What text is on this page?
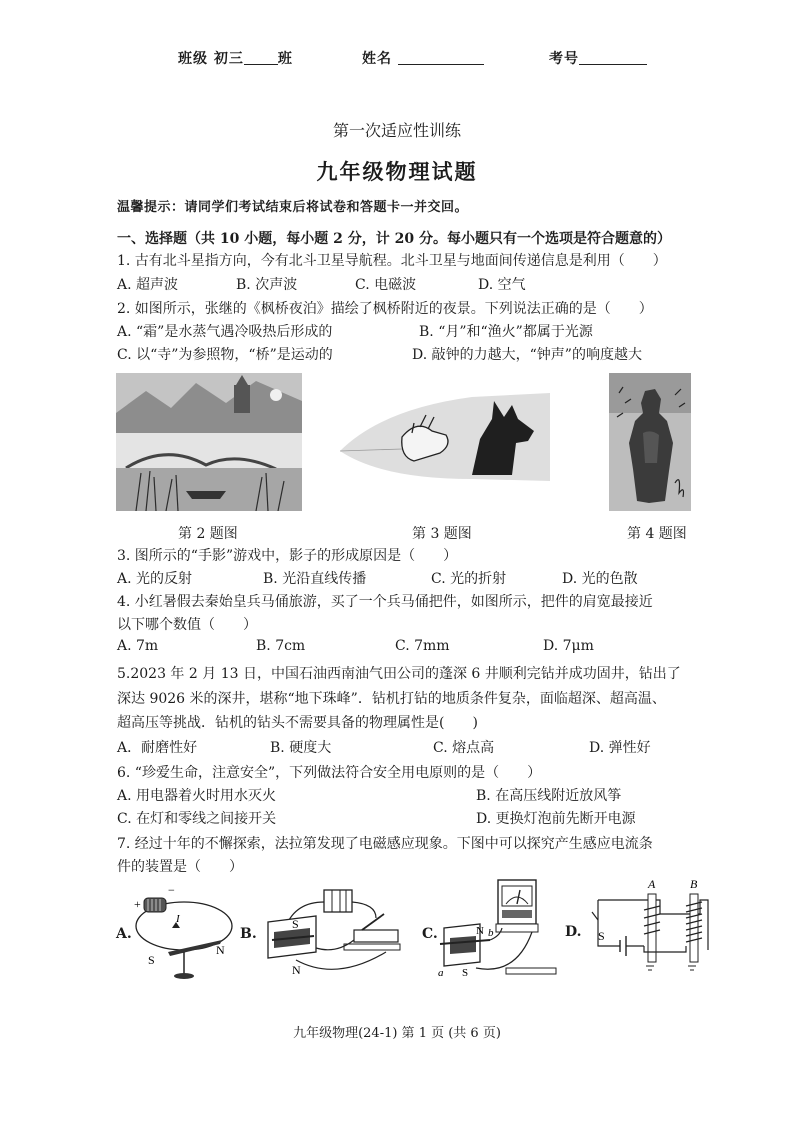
班级 初三 班	姓名	考号
第一次适应性训练
九年级物理试题
温馨提示：请同学们考试结束后将试卷和答题卡一并交回。
一、选择题（共 10 小题，每小题 2 分，计 20 分。每小题只有一个选项是符合题意的）
1. 古有北斗星指方向，今有北斗卫星导航程。北斗卫星与地面间传递信息是利用（　　）
A. 超声波	B. 次声波	C. 电磁波	D. 空气
2. 如图所示，张继的《枫桥夜泊》描绘了枫桥附近的夜景。下列说法正确的是（　　）
A. “霜”是水蒸气遇冷吸热后形成的	B. “月”和“渔火”都属于光源
C. 以“寺”为参照物，“桥”是运动的	D. 敲钟的力越大，“钟声”的响度越大
第 2 题图	第 3 题图	第 4 题图
3. 图所示的“手影”游戏中，影子的形成原因是（　　）
A. 光的反射	B. 光沿直线传播	C. 光的折射	D. 光的色散
4. 小红暑假去秦始皇兵马俑旅游，买了一个兵马俑把件，如图所示，把件的肩宽最接近
以下哪个数值（　　）
A. 7m	B. 7cm	C. 7mm	D. 7μm
5.2023 年 2 月 13 日，中国石油西南油气田公司的蓬深 6 井顺利完钻并成功固井，钻出了
深达 9026 米的深井，堪称“地下珠峰”．钻机打钻的地质条件复杂，面临超深、超高温、
超高压等挑战．钻机的钻头不需要具备的物理属性是(　　)
A．耐磨性好	B. 硬度大	C. 熔点高	D. 弹性好
6. “珍爱生命，注意安全”，下列做法符合安全用电原则的是（　　）
A. 用电器着火时用水灭火	B. 在高压线附近放风筝
C. 在灯和零线之间接开关	D. 更换灯泡前先断开电源
7. 经过十年的不懈探索，法拉第发现了电磁感应现象。下图中可以探究产生感应电流条
件的装置是（　　）
A.	B.	C.	D.
+
−
I
S
N
S
N
N b
a S
A	B
S
九年级物理(24-1) 第 1 页 (共 6 页)
